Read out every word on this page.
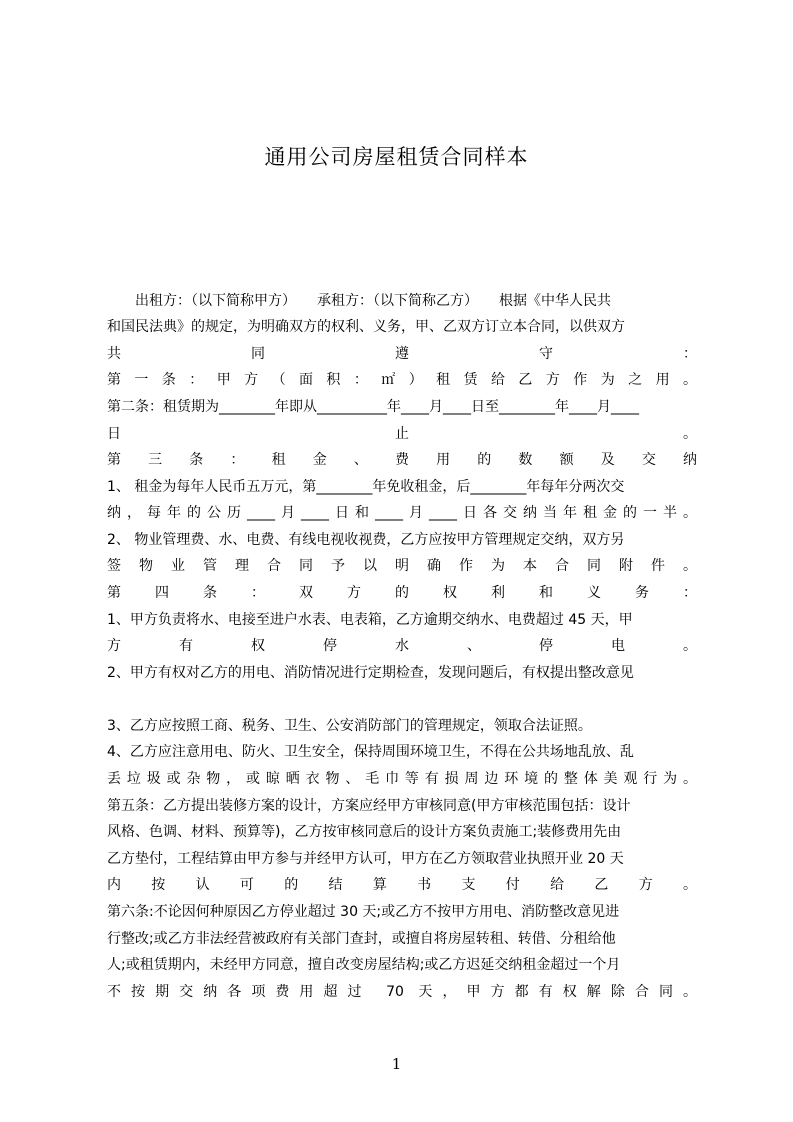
通用公司房屋租赁合同样本
　　出租方：（以下简称甲方）　　承租方：（以下简称乙方）　　根据《中华人民共
和国民法典》的规定，为明确双方的权利、义务，甲、乙双方订立本合同，以供双方
共同遵守：
第一条：甲方（面积：㎡）租赁给乙方作为之用。
第二条：租赁期为________年即从__________年____月____日至________年____月____
日止。
第三条：租金、费用的数额及交纳
1、 租金为每年人民币五万元，第________年免收租金，后________年每年分两次交
纳，每年的公历____月____日和____月____日各交纳当年租金的一半。
2、 物业管理费、水、电费、有线电视收视费，乙方应按甲方管理规定交纳，双方另
签物业管理合同予以明确作为本合同附件。
第四条：双方的权利和义务：
1、甲方负责将水、电接至进户水表、电表箱，乙方逾期交纳水、电费超过 45 天，甲
方有权停水、停电。
2、甲方有权对乙方的用电、消防情况进行定期检查，发现问题后，有权提出整改意见
3、乙方应按照工商、税务、卫生、公安消防部门的管理规定，领取合法证照。
4、乙方应注意用电、防火、卫生安全，保持周围环境卫生，不得在公共场地乱放、乱
丢垃圾或杂物，或晾晒衣物、毛巾等有损周边环境的整体美观行为。
第五条：乙方提出装修方案的设计，方案应经甲方审核同意(甲方审核范围包括：设计
风格、色调、材料、预算等)，乙方按审核同意后的设计方案负责施工;装修费用先由
乙方垫付，工程结算由甲方参与并经甲方认可，甲方在乙方领取营业执照开业 20 天
内按认可的结算书支付给乙方。
第六条:不论因何种原因乙方停业超过 30 天;或乙方不按甲方用电、消防整改意见进
行整改;或乙方非法经营被政府有关部门查封，或擅自将房屋转租、转借、分租给他
人;或租赁期内，未经甲方同意，擅自改变房屋结构;或乙方迟延交纳租金超过一个月
不按期交纳各项费用超过 70 天，甲方都有权解除合同。
1
